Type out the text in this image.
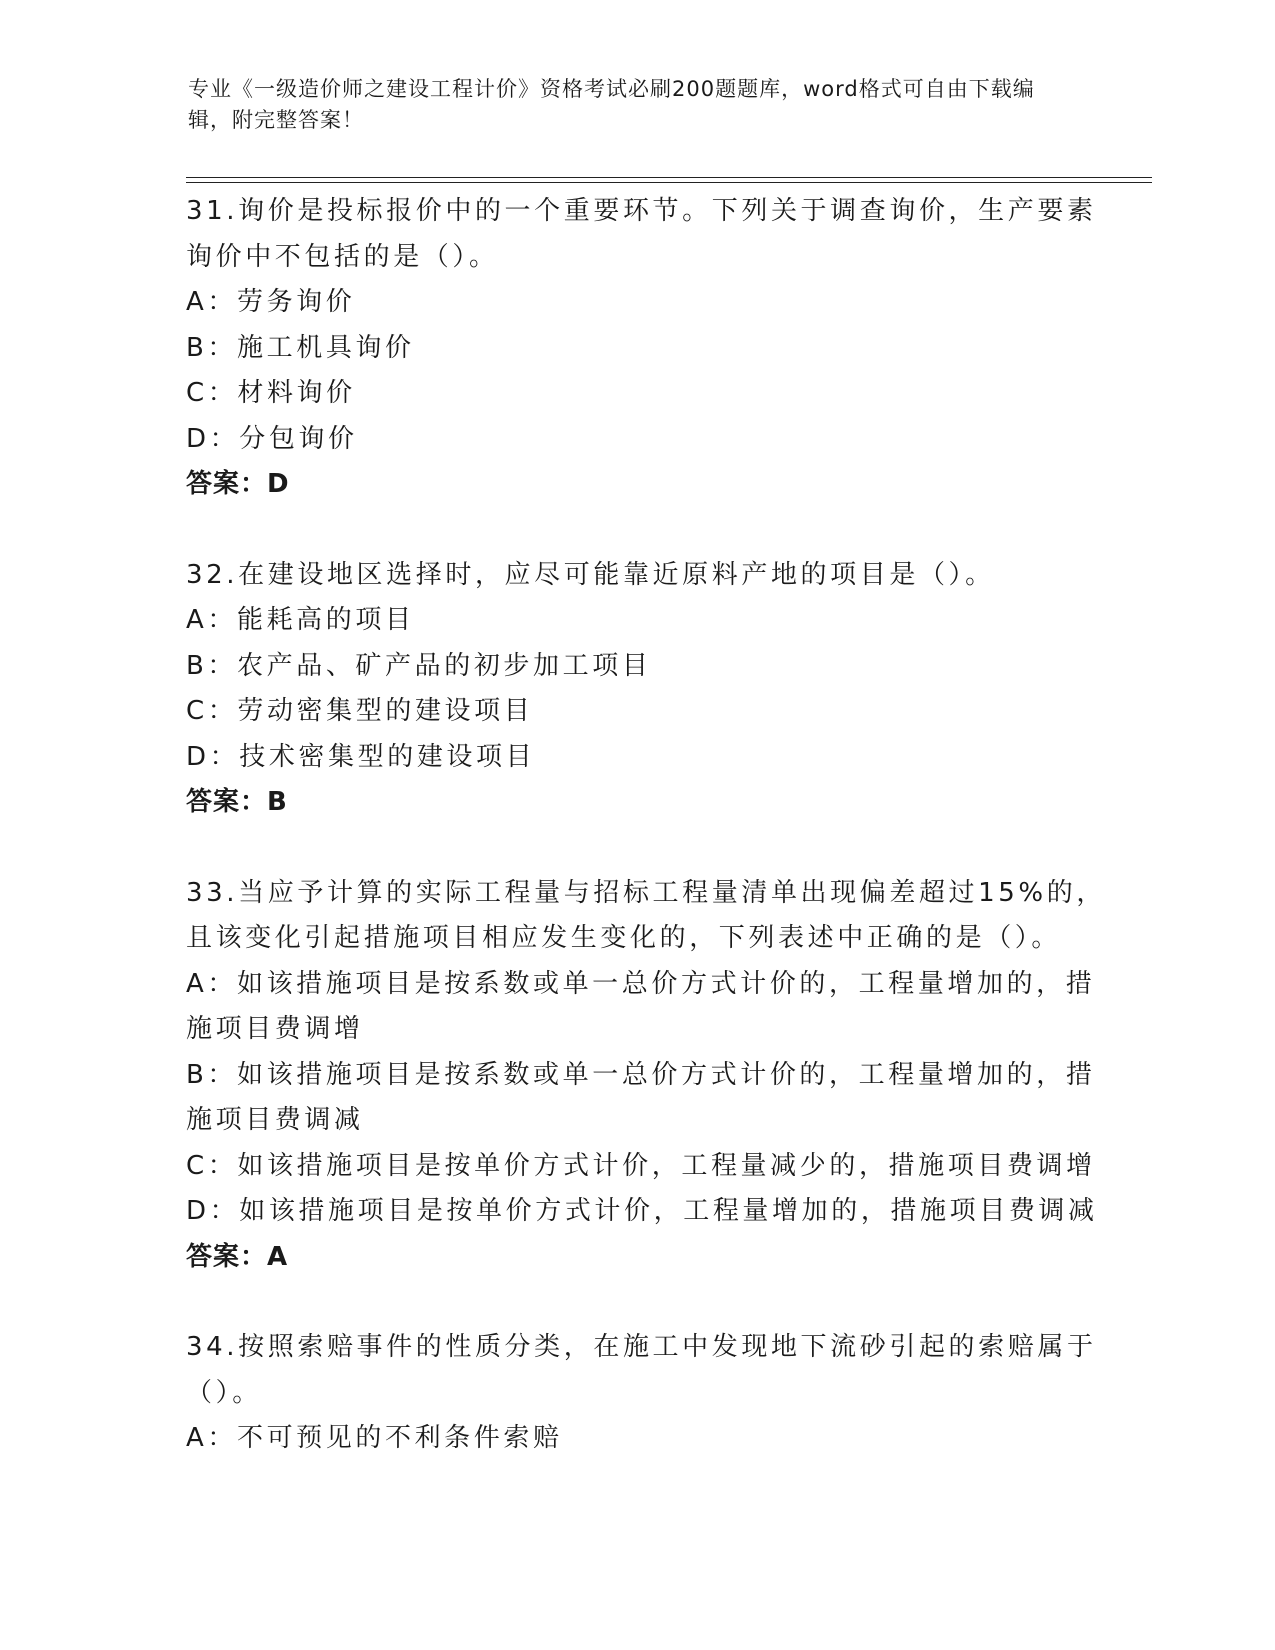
专业《一级造价师之建设工程计价》资格考试必刷200题题库，word格式可自由下载编辑，附完整答案！
31.询价是投标报价中的一个重要环节。下列关于调查询价，生产要素
询价中不包括的是（）。
A：劳务询价
B：施工机具询价
C：材料询价
D：分包询价
答案：D
32.在建设地区选择时，应尽可能靠近原料产地的项目是（）。
A：能耗高的项目
B：农产品、矿产品的初步加工项目
C：劳动密集型的建设项目
D：技术密集型的建设项目
答案：B
33.当应予计算的实际工程量与招标工程量清单出现偏差超过15%的，
且该变化引起措施项目相应发生变化的，下列表述中正确的是（）。
A：如该措施项目是按系数或单一总价方式计价的，工程量增加的，措
施项目费调增
B：如该措施项目是按系数或单一总价方式计价的，工程量增加的，措
施项目费调减
C：如该措施项目是按单价方式计价，工程量减少的，措施项目费调增
D：如该措施项目是按单价方式计价，工程量增加的，措施项目费调减
答案：A
34.按照索赔事件的性质分类，在施工中发现地下流砂引起的索赔属于
（）。
A：不可预见的不利条件索赔
